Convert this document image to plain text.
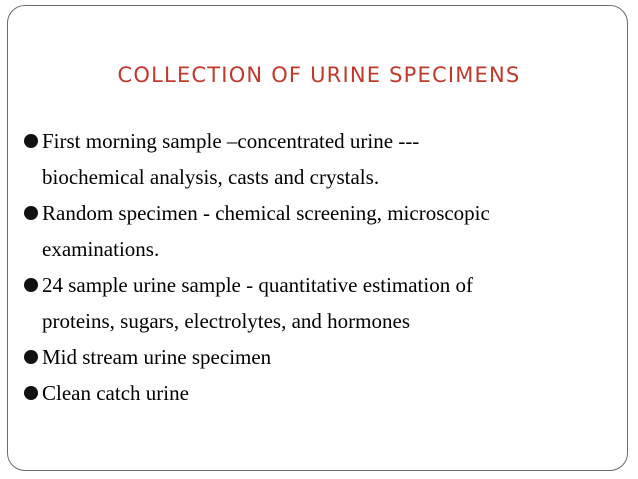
COLLECTION OF URINE SPECIMENS
First morning sample –concentrated urine ---
biochemical analysis, casts and crystals.
Random specimen - chemical screening, microscopic
examinations.
24 sample urine sample - quantitative estimation of
proteins, sugars, electrolytes, and hormones
Mid stream urine specimen
Clean catch urine
